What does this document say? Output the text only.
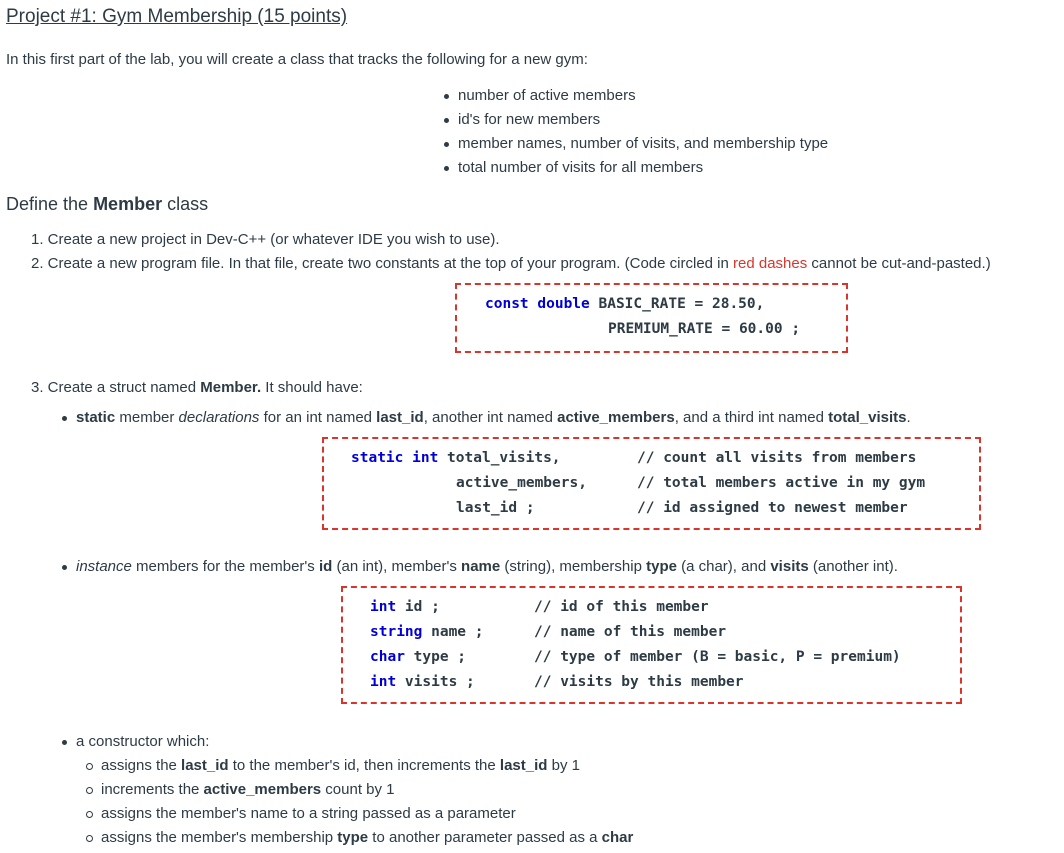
Project #1: Gym Membership (15 points)
In this first part of the lab, you will create a class that tracks the following for a new gym:
number of active members
id's for new members
member names, number of visits, and membership type
total number of visits for all members
Define the Member class
1. Create a new project in Dev-C++ (or whatever IDE you wish to use).
2. Create a new program file. In that file, create two constants at the top of your program. (Code circled in red dashes cannot be cut-and-pasted.)
const double BASIC_RATE = 28.50,
PREMIUM_RATE = 60.00 ;
3. Create a struct named Member. It should have:
static member declarations for an int named last_id, another int named active_members, and a third int named total_visits.
static int total_visits,
active_members,
last_id ;
// count all visits from members
// total members active in my gym
// id assigned to newest member
instance members for the member's id (an int), member's name (string), membership type (a char), and visits (another int).
int id ;
string name ;
char type ;
int visits ;
// id of this member
// name of this member
// type of member (B = basic, P = premium)
// visits by this member
a constructor which:
assigns the last_id to the member's id, then increments the last_id by 1
increments the active_members count by 1
assigns the member's name to a string passed as a parameter
assigns the member's membership type to another parameter passed as a char
